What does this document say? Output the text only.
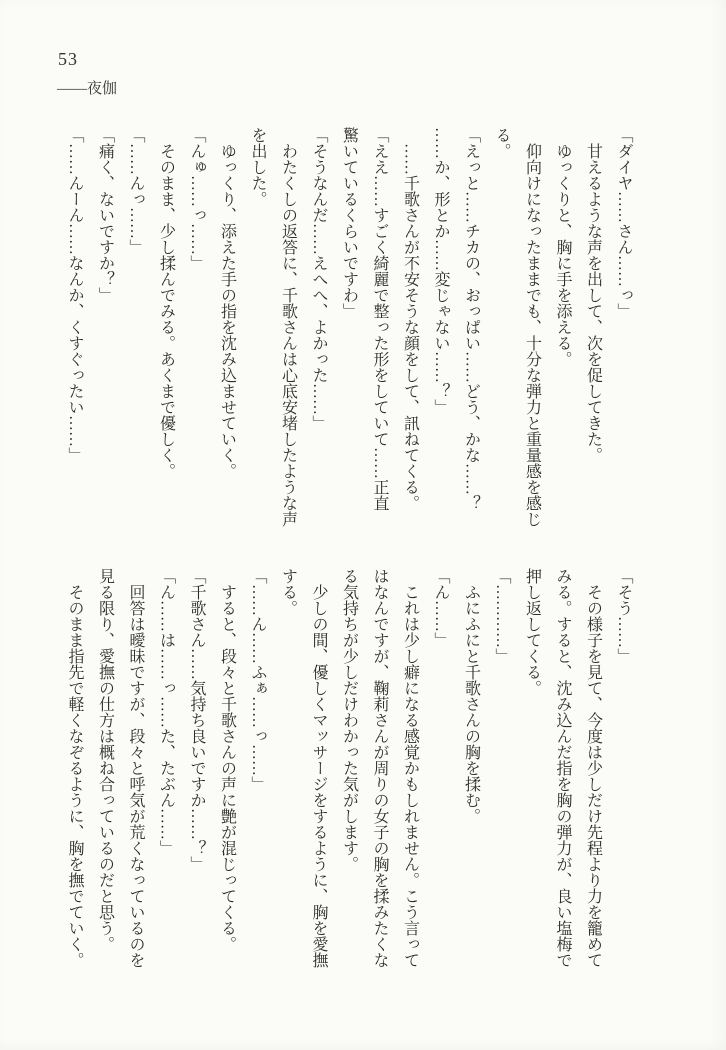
53
――夜伽

「ダイヤ……さん……っ」

　甘えるような声を出して、次を促してきた。

　ゆっくりと、胸に手を添える。

　仰向けになったままでも、十分な弾力と重量感を感じ

る。

「えっと……チカの、おっぱい……どう、かな……？

……か、形とか……変じゃない……？」

　……千歌さんが不安そうな顔をして、訊ねてくる。

「ええ……すごく綺麗で整った形をしていて……正直

驚いているくらいですわ」

「そうなんだ……えへへ、よかった……」

　わたくしの返答に、千歌さんは心底安堵したような声

を出した。

　ゆっくり、添えた手の指を沈み込ませていく。

「んゅ……っ……」

　そのまま、少し揉んでみる。あくまで優しく。

「……んっ……」

「痛く、ないですか？」

「……んーん……なんか、くすぐったい……」

「そう……」

　その様子を見て、今度は少しだけ先程より力を籠めて

みる。すると、沈み込んだ指を胸の弾力が、良い塩梅で

押し返してくる。

「…………」

　ふにふにと千歌さんの胸を揉む。

「ん……」

　これは少し癖になる感覚かもしれません。こう言って

はなんですが、鞠莉さんが周りの女子の胸を揉みたくな

る気持ちが少しだけわかった気がします。

　少しの間、優しくマッサージをするように、胸を愛撫

する。

「……ん……ふぁ……っ……」

　すると、段々と千歌さんの声に艶が混じってくる。

「千歌さん……気持ち良いですか……？」

「ん……は……っ……た、たぶん……」

　回答は曖昧ですが、段々と呼気が荒くなっているのを

見る限り、愛撫の仕方は概ね合っているのだと思う。

　そのまま指先で軽くなぞるように、胸を撫でていく。
